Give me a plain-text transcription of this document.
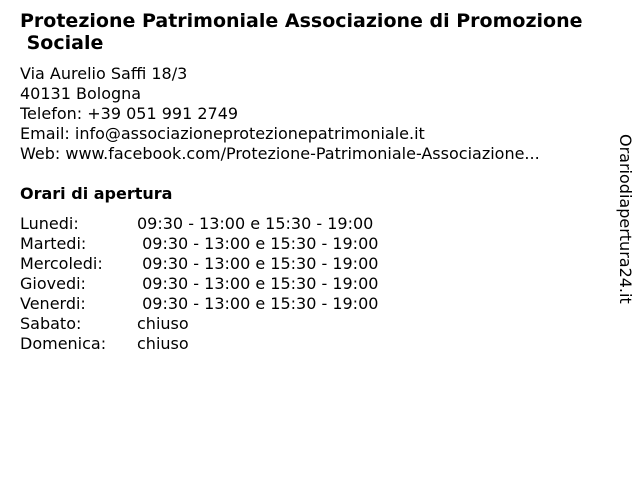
Protezione Patrimoniale Associazione di Promozione
Sociale
Via Aurelio Saffi 18/3
40131 Bologna
Telefon: +39 051 991 2749
Email: info@associazioneprotezionepatrimoniale.it
Web: www.facebook.com/Protezione-Patrimoniale-Associazione...
Orari di apertura
Lunedi:	09:30 - 13:00 e 15:30 - 19:00
Martedi:	09:30 - 13:00 e 15:30 - 19:00
Mercoledi:	09:30 - 13:00 e 15:30 - 19:00
Giovedi:	09:30 - 13:00 e 15:30 - 19:00
Venerdi:	09:30 - 13:00 e 15:30 - 19:00
Sabato:	chiuso
Domenica:	chiuso
Orariodiapertura24.it
